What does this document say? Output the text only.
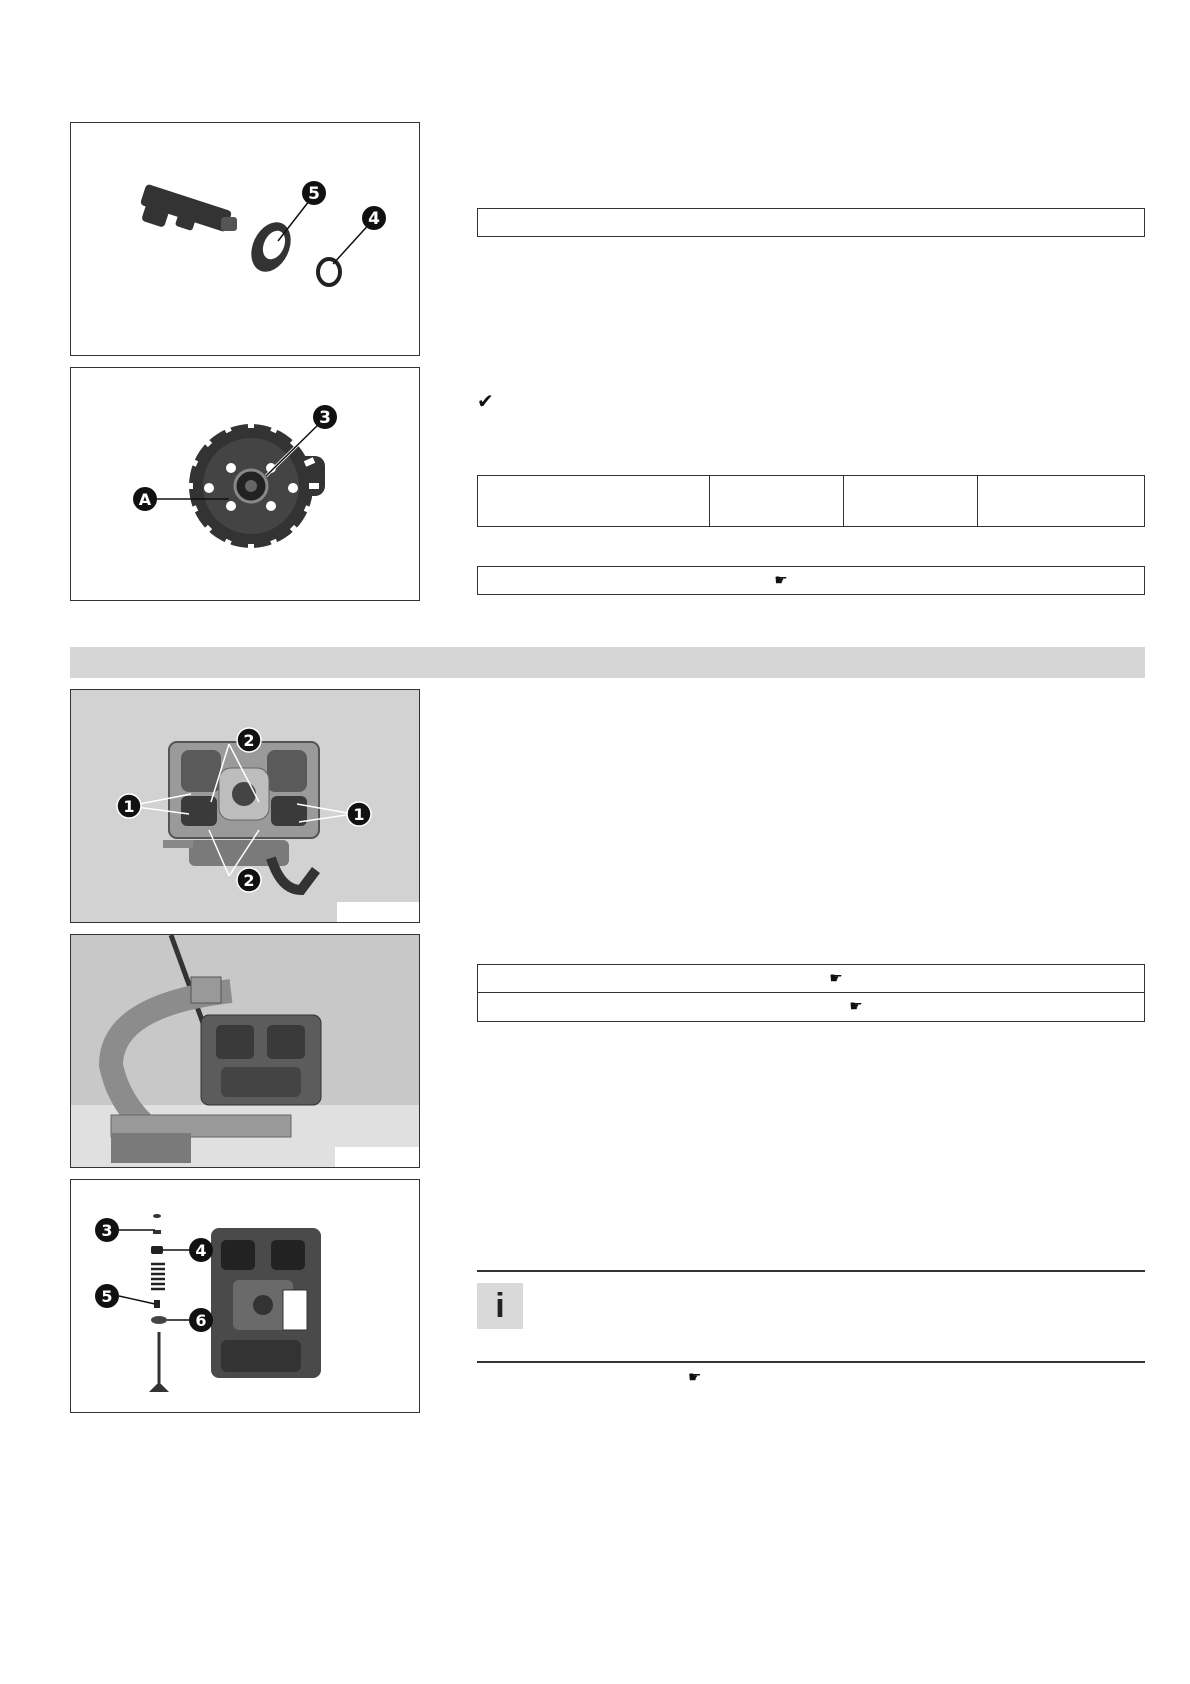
5
4
3
A
✔
☛
1	1
2
2
☛
☛
3
4
5
6	i
☛
